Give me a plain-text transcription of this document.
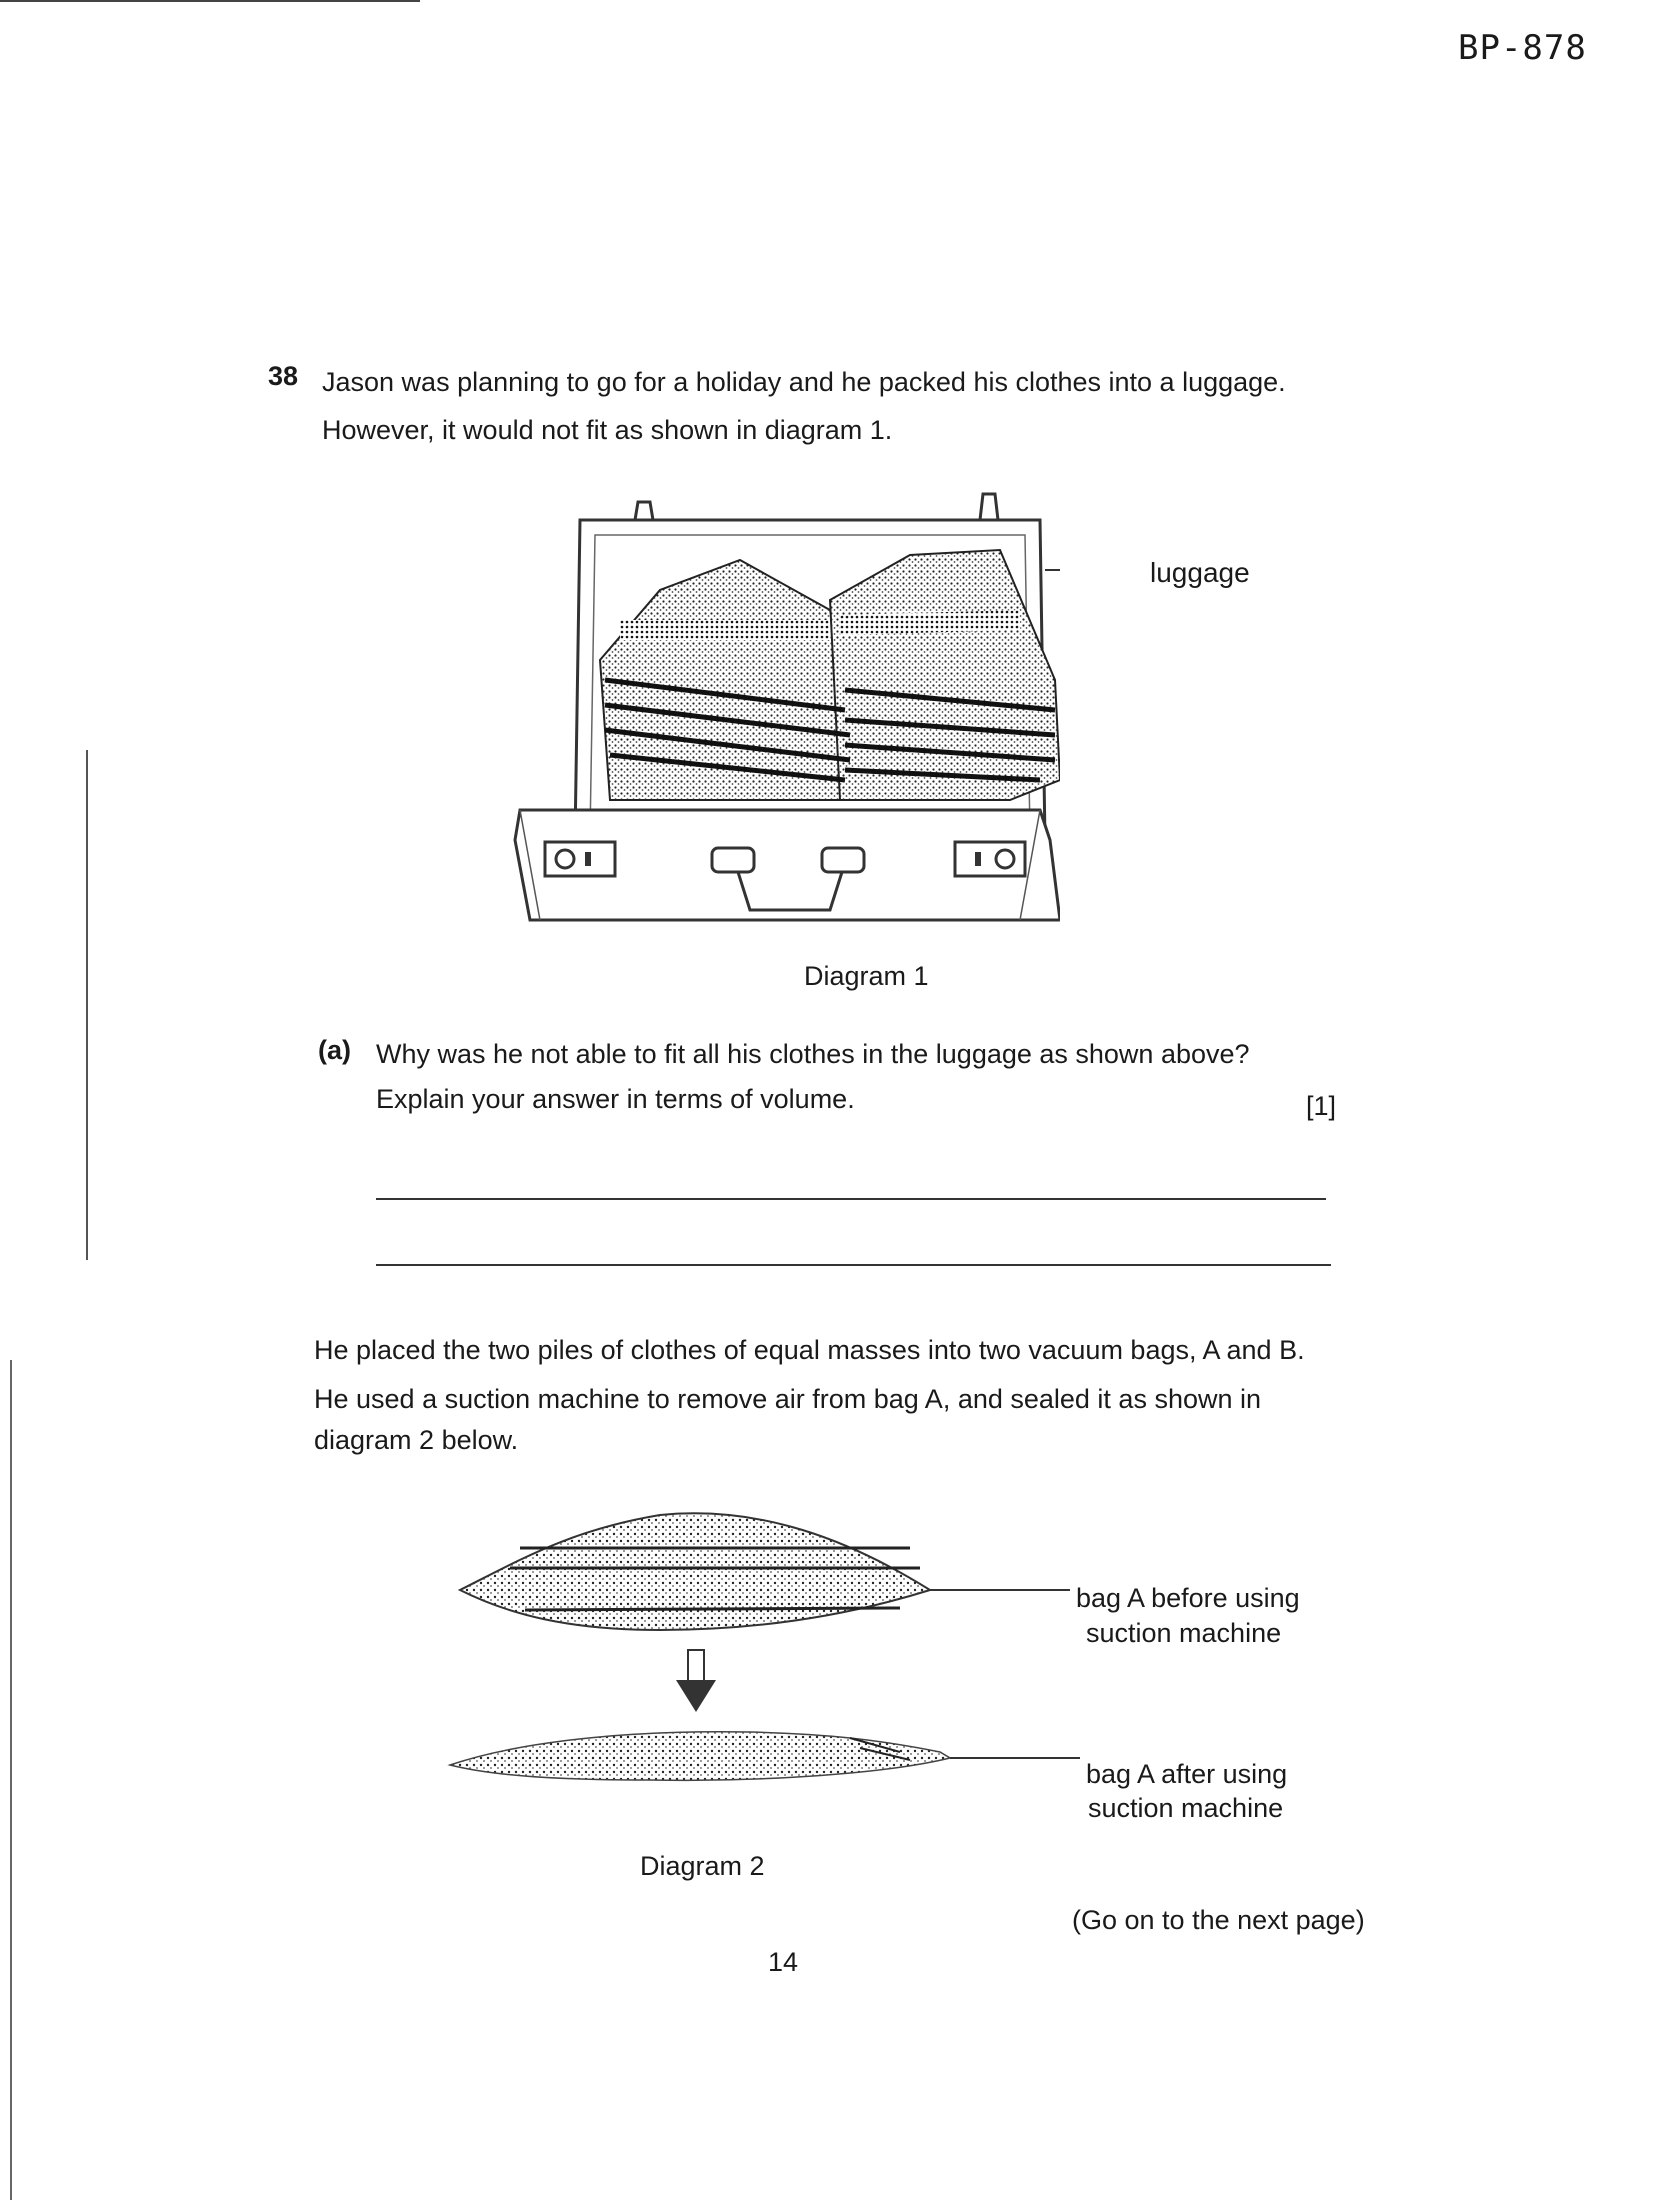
BP-878
38 Jason was planning to go for a holiday and he packed his clothes into a luggage.
However, it would not fit as shown in diagram 1.
luggage
Diagram 1
(a) Why was he not able to fit all his clothes in the luggage as shown above?
Explain your answer in terms of volume.	[1]
He placed the two piles of clothes of equal masses into two vacuum bags, A and B.
He used a suction machine to remove air from bag A, and sealed it as shown in
diagram 2 below.
bag A before using
suction machine
bag A after using
suction machine
Diagram 2
(Go on to the next page)
14
